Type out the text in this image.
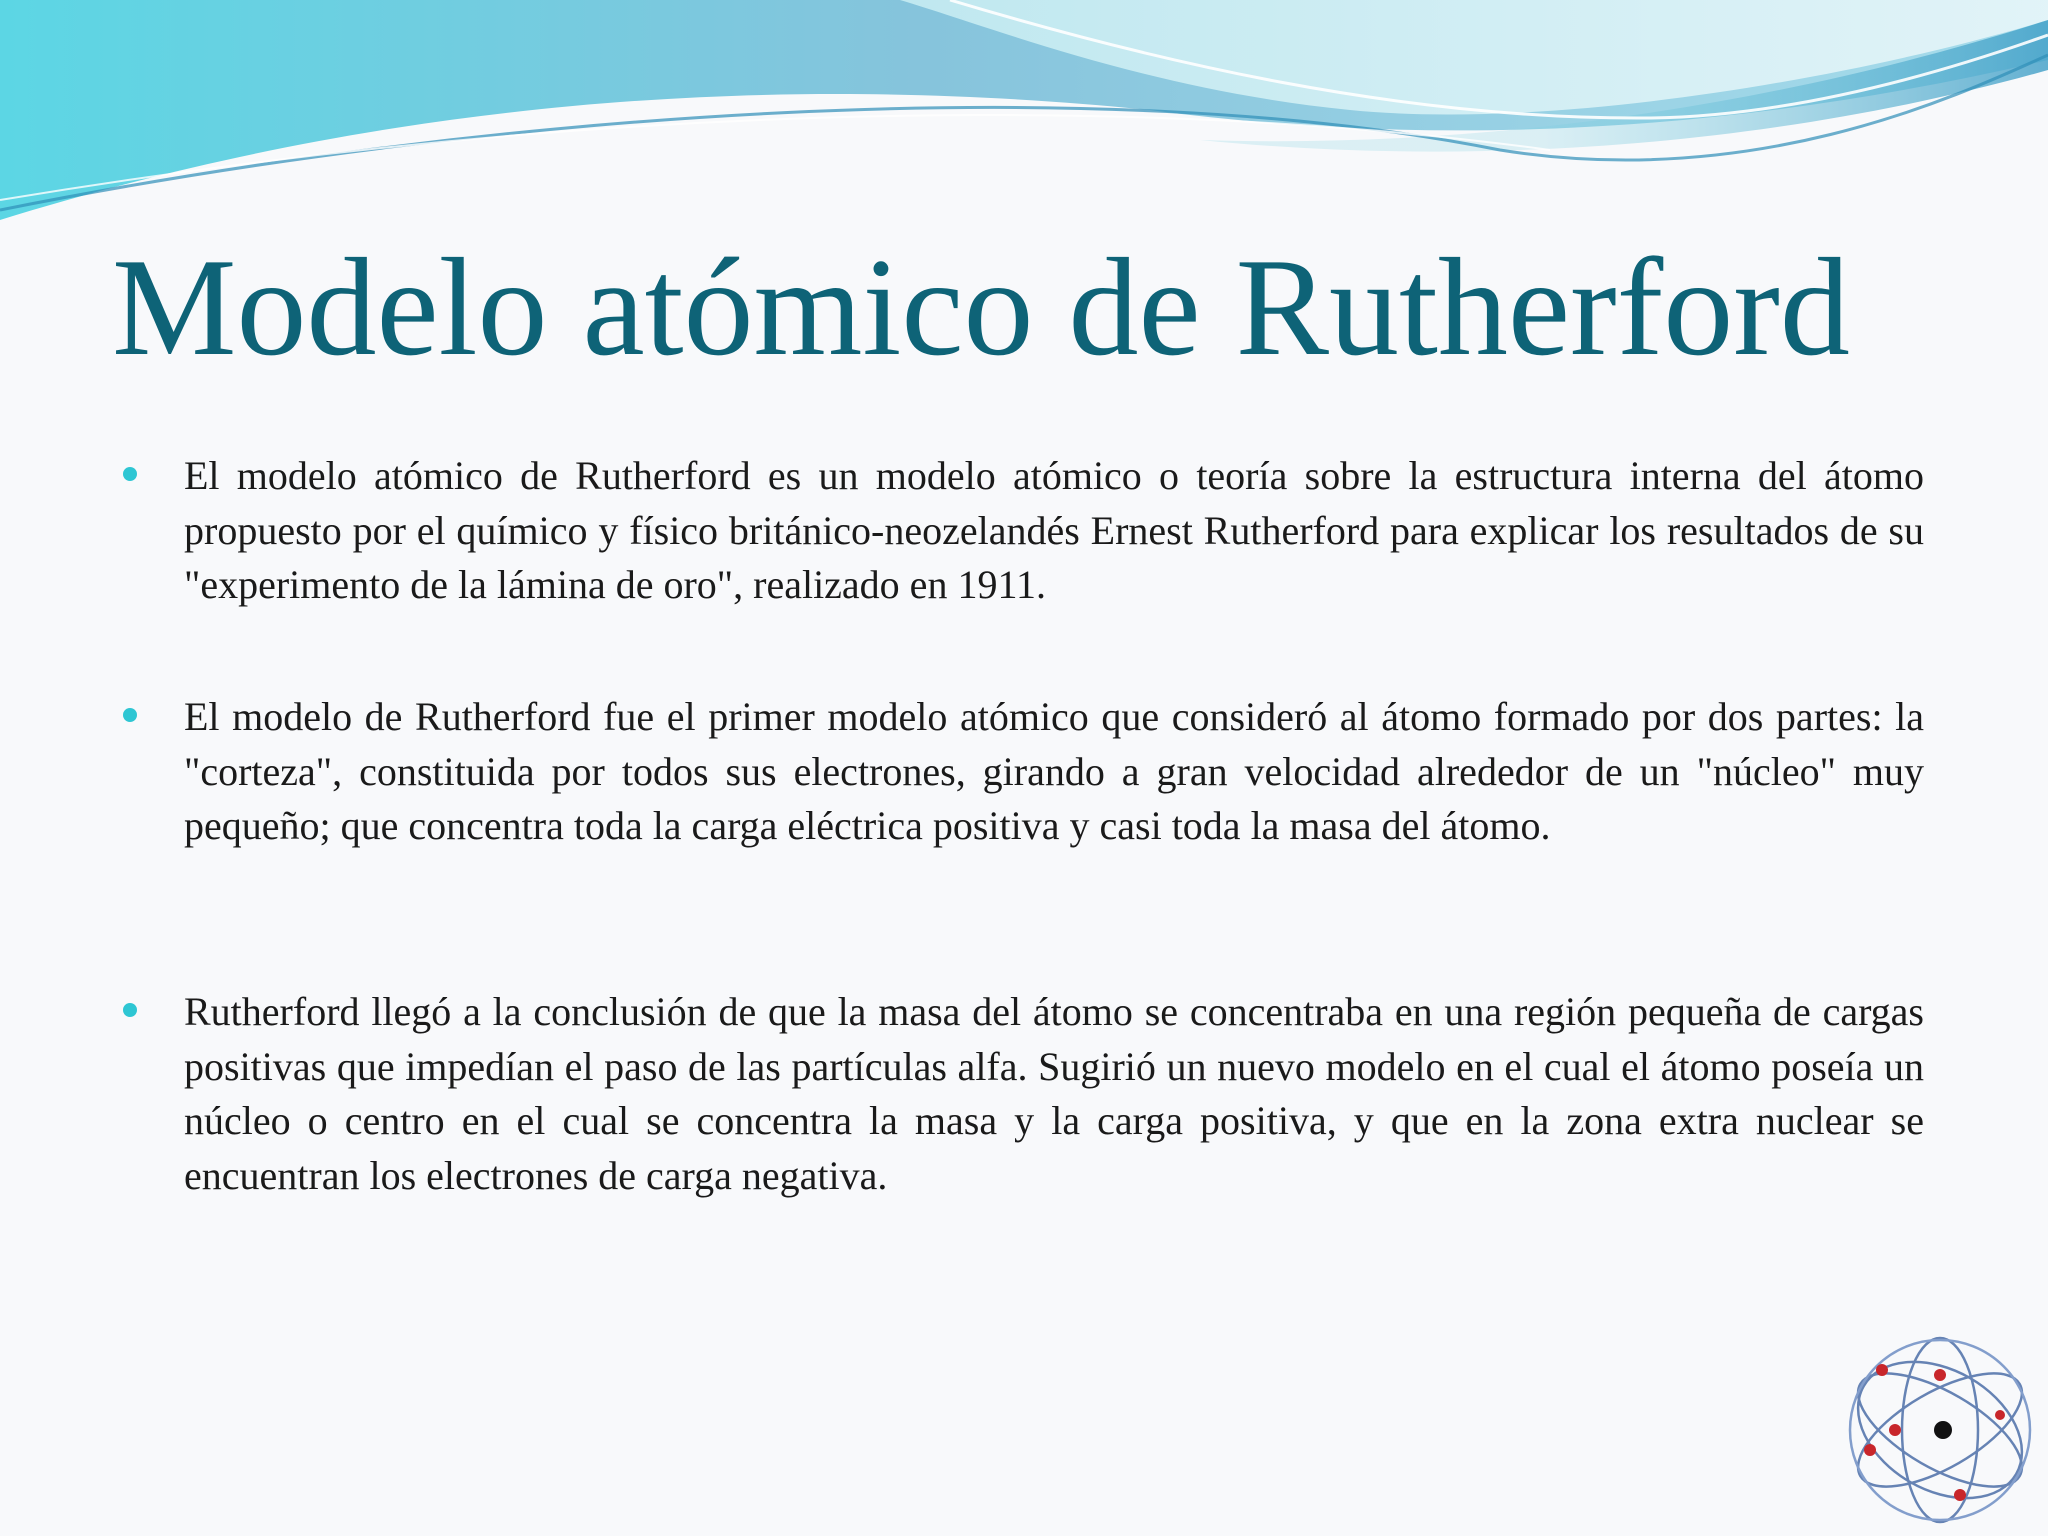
Modelo atómico de Rutherford

El modelo atómico de Rutherford es un modelo atómico o teoría sobre la estructura interna del átomo propuesto por el químico y físico británico-neozelandés Ernest Rutherford para explicar los resultados de su "experimento de la lámina de oro", realizado en 1911.

El modelo de Rutherford fue el primer modelo atómico que consideró al átomo formado por dos partes: la "corteza", constituida por todos sus electrones, girando a gran velocidad alrededor de un "núcleo" muy pequeño; que concentra toda la carga eléctrica positiva y casi toda la masa del átomo.

Rutherford llegó a la conclusión de que la masa del átomo se concentraba en una región pequeña de cargas positivas que impedían el paso de las partículas alfa. Sugirió un nuevo modelo en el cual el átomo poseía un núcleo o centro en el cual se concentra la masa y la carga positiva, y que en la zona extra nuclear se encuentran los electrones de carga negativa.
